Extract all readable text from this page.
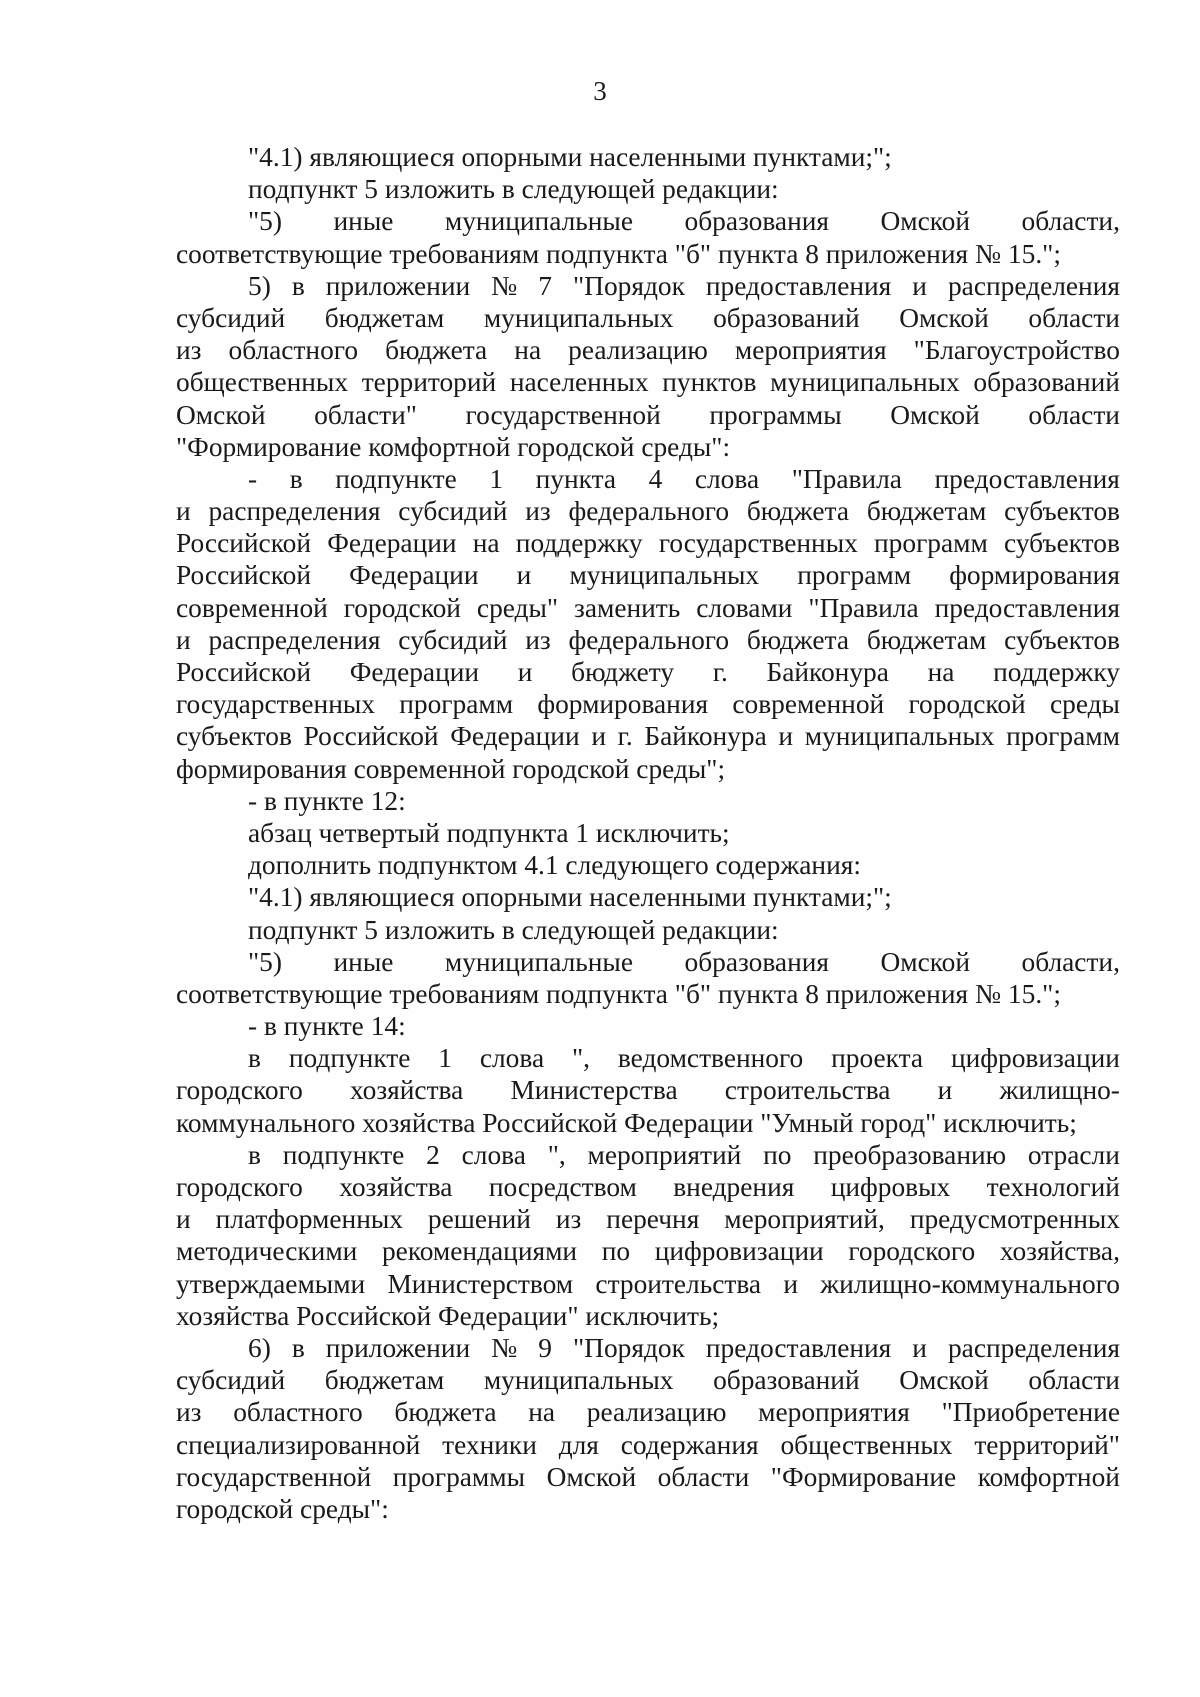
3
"4.1) являющиеся опорными населенными пунктами;";
подпункт 5 изложить в следующей редакции:
"5) иные муниципальные образования Омской области,
соответствующие требованиям подпункта "б" пункта 8 приложения № 15.";
5) в приложении № 7 "Порядок предоставления и распределения
субсидий бюджетам муниципальных образований Омской области
из областного бюджета на реализацию мероприятия "Благоустройство
общественных территорий населенных пунктов муниципальных образований
Омской области" государственной программы Омской области
"Формирование комфортной городской среды":
- в подпункте 1 пункта 4 слова "Правила предоставления
и распределения субсидий из федерального бюджета бюджетам субъектов
Российской Федерации на поддержку государственных программ субъектов
Российской Федерации и муниципальных программ формирования
современной городской среды" заменить словами "Правила предоставления
и распределения субсидий из федерального бюджета бюджетам субъектов
Российской Федерации и бюджету г. Байконура на поддержку
государственных программ формирования современной городской среды
субъектов Российской Федерации и г. Байконура и муниципальных программ
формирования современной городской среды";
- в пункте 12:
абзац четвертый подпункта 1 исключить;
дополнить подпунктом 4.1 следующего содержания:
"4.1) являющиеся опорными населенными пунктами;";
подпункт 5 изложить в следующей редакции:
"5) иные муниципальные образования Омской области,
соответствующие требованиям подпункта "б" пункта 8 приложения № 15.";
- в пункте 14:
в подпункте 1 слова ", ведомственного проекта цифровизации
городского хозяйства Министерства строительства и жилищно-
коммунального хозяйства Российской Федерации "Умный город" исключить;
в подпункте 2 слова ", мероприятий по преобразованию отрасли
городского хозяйства посредством внедрения цифровых технологий
и платформенных решений из перечня мероприятий, предусмотренных
методическими рекомендациями по цифровизации городского хозяйства,
утверждаемыми Министерством строительства и жилищно-коммунального
хозяйства Российской Федерации" исключить;
6) в приложении № 9 "Порядок предоставления и распределения
субсидий бюджетам муниципальных образований Омской области
из областного бюджета на реализацию мероприятия "Приобретение
специализированной техники для содержания общественных территорий"
государственной программы Омской области "Формирование комфортной
городской среды":
